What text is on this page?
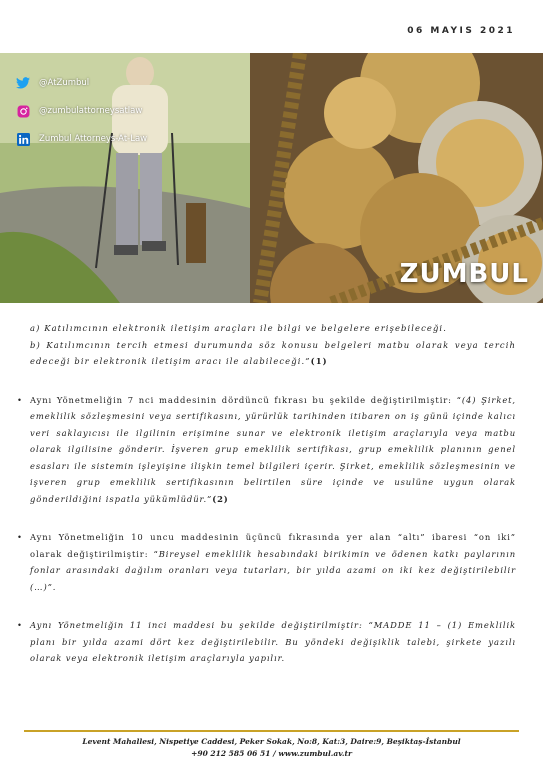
06 MAYIS 2021
@AtZumbul
@zumbulattorneysatlaw
Zumbul Attorneys-At-Law
ZUMBUL

a) Katılımcının elektronik iletişim araçları ile bilgi ve belgelere erişebileceği.

b) Katılımcının tercih etmesi durumunda söz konusu belgeleri matbu olarak veya tercih edeceği bir elektronik iletişim aracı ile alabileceği.”(1)

• Aynı Yönetmeliğin 7 nci maddesinin dördüncü fıkrası bu şekilde değiştirilmiştir: “(4) Şirket, emeklilik sözleşmesini veya sertifikasını, yürürlük tarihinden itibaren on iş günü içinde kalıcı veri saklayıcısı ile ilgilinin erişimine sunar ve elektronik iletişim araçlarıyla veya matbu olarak ilgilisine gönderir. İşveren grup emeklilik sertifikası, grup emeklilik planının genel esasları ile sistemin işleyişine ilişkin temel bilgileri içerir. Şirket, emeklilik sözleşmesinin ve işveren grup emeklilik sertifikasının belirtilen süre içinde ve usulüne uygun olarak gönderildiğini ispatla yükümlüdür.”(2)
• Aynı Yönetmeliğin 10 uncu maddesinin üçüncü fıkrasında yer alan “altı” ibaresi “on iki” olarak değiştirilmiştir: “Bireysel emeklilik hesabındaki birikimin ve ödenen katkı paylarının fonlar arasındaki dağılım oranları veya tutarları, bir yılda azami on iki kez değiştirilebilir (…)”.
• Aynı Yönetmeliğin 11 inci maddesi bu şekilde değiştirilmiştir: “MADDE 11 – (1) Emeklilik planı bir yılda azami dört kez değiştirilebilir. Bu yöndeki değişiklik talebi, şirkete yazılı olarak veya elektronik iletişim araçlarıyla yapılır.
Levent Mahallesi, Nispetiye Caddesi, Peker Sokak, No:8, Kat:3, Daire:9, Beşiktaş-İstanbul
+90 212 585 06 51 / www.zumbul.av.tr
